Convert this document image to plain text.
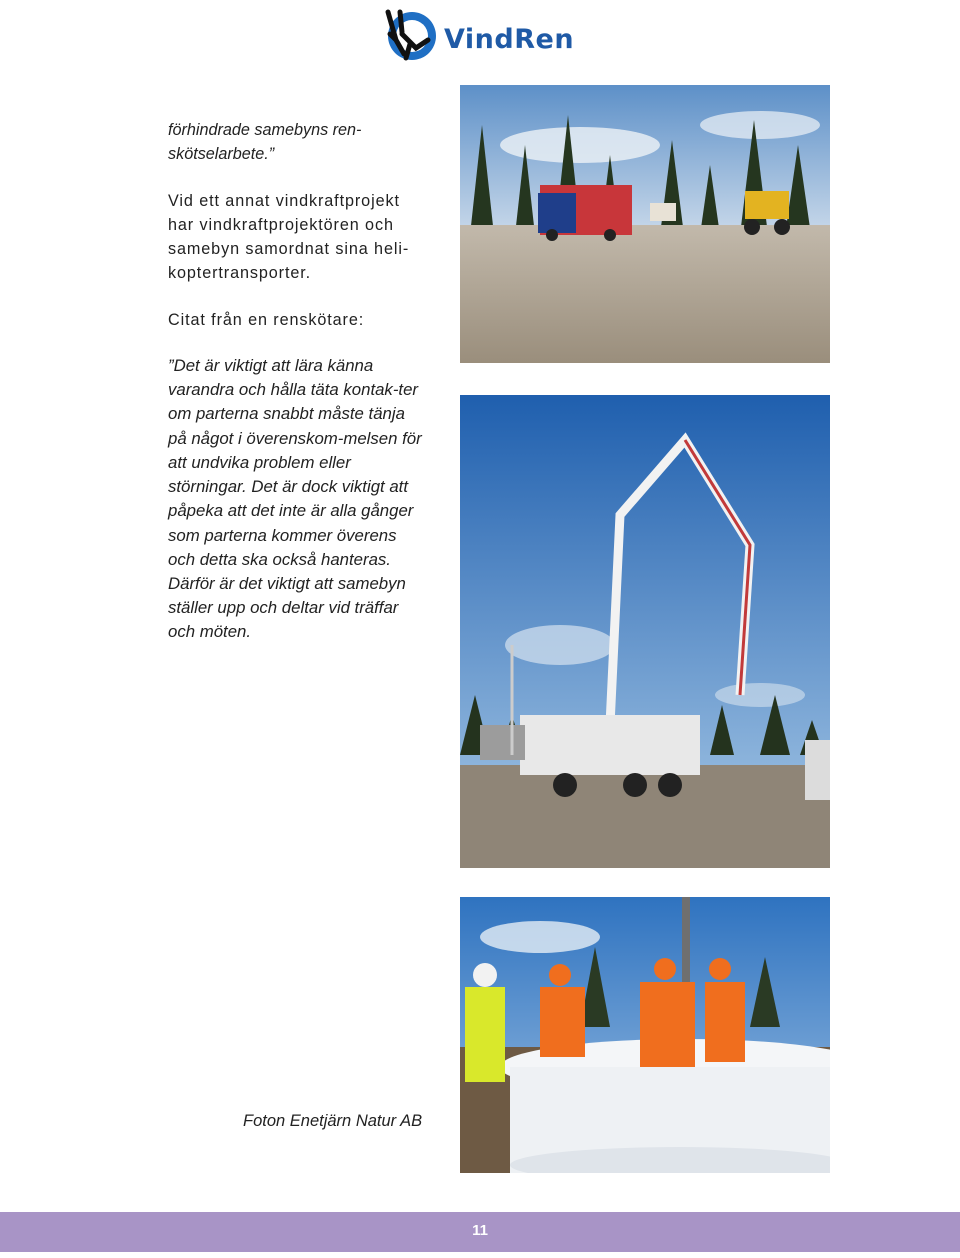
VindRen

förhindrade samebyns ren-skötselarbete.”

Vid ett annat vindkraftprojekt har vindkraftprojektören och samebyn samordnat sina heli-koptertransporter.

Citat från en renskötare:

”Det är viktigt att lära känna varandra och hålla täta kontak-ter om parterna snabbt måste tänja på något i överenskom-melsen för att undvika problem eller störningar. Det är dock viktigt att påpeka att det inte är alla gånger som parterna kommer överens och detta ska också hanteras. Därför är det viktigt att samebyn ställer upp och deltar vid träffar och möten.

Foton Enetjärn Natur AB
11
